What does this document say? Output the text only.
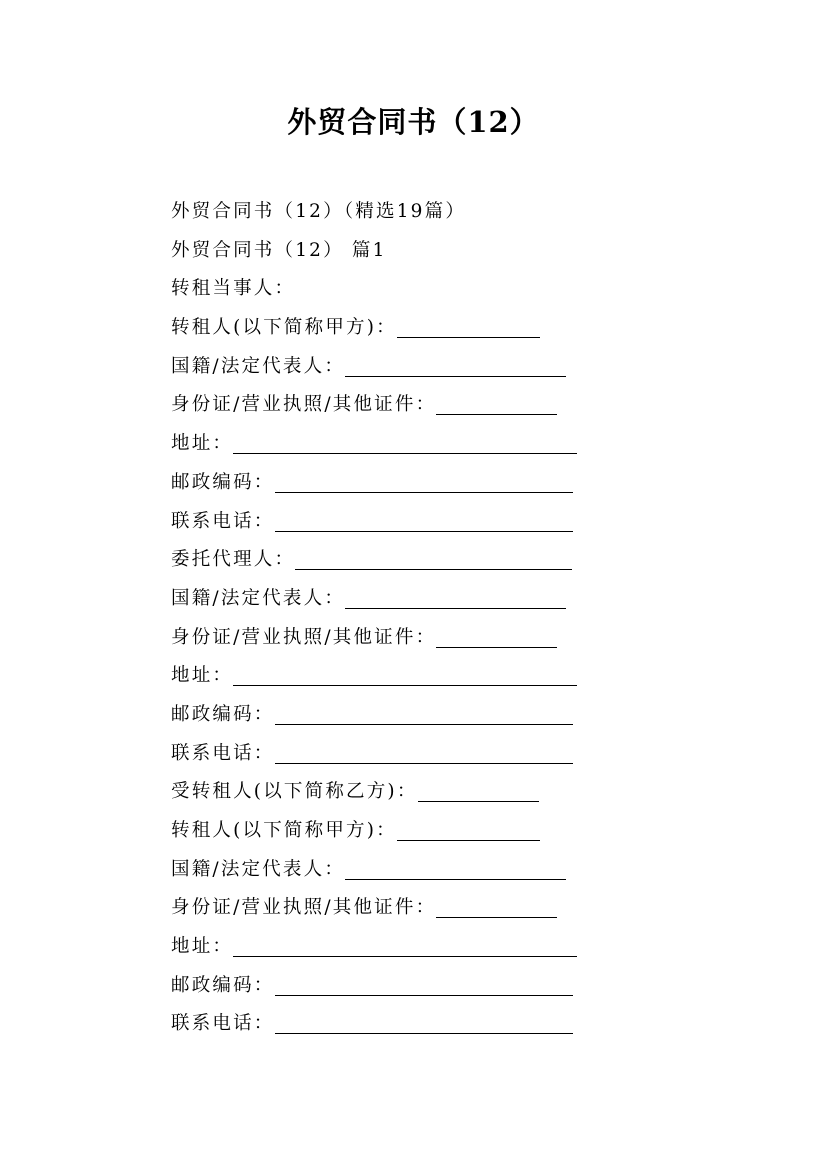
外贸合同书（12）
外贸合同书（12）（精选19篇）
外贸合同书（12） 篇1
转租当事人：
转租人(以下简称甲方)：
国籍/法定代表人：
身份证/营业执照/其他证件：
地址：
邮政编码：
联系电话：
委托代理人：
国籍/法定代表人：
身份证/营业执照/其他证件：
地址：
邮政编码：
联系电话：
受转租人(以下简称乙方)：
转租人(以下简称甲方)：
国籍/法定代表人：
身份证/营业执照/其他证件：
地址：
邮政编码：
联系电话：
